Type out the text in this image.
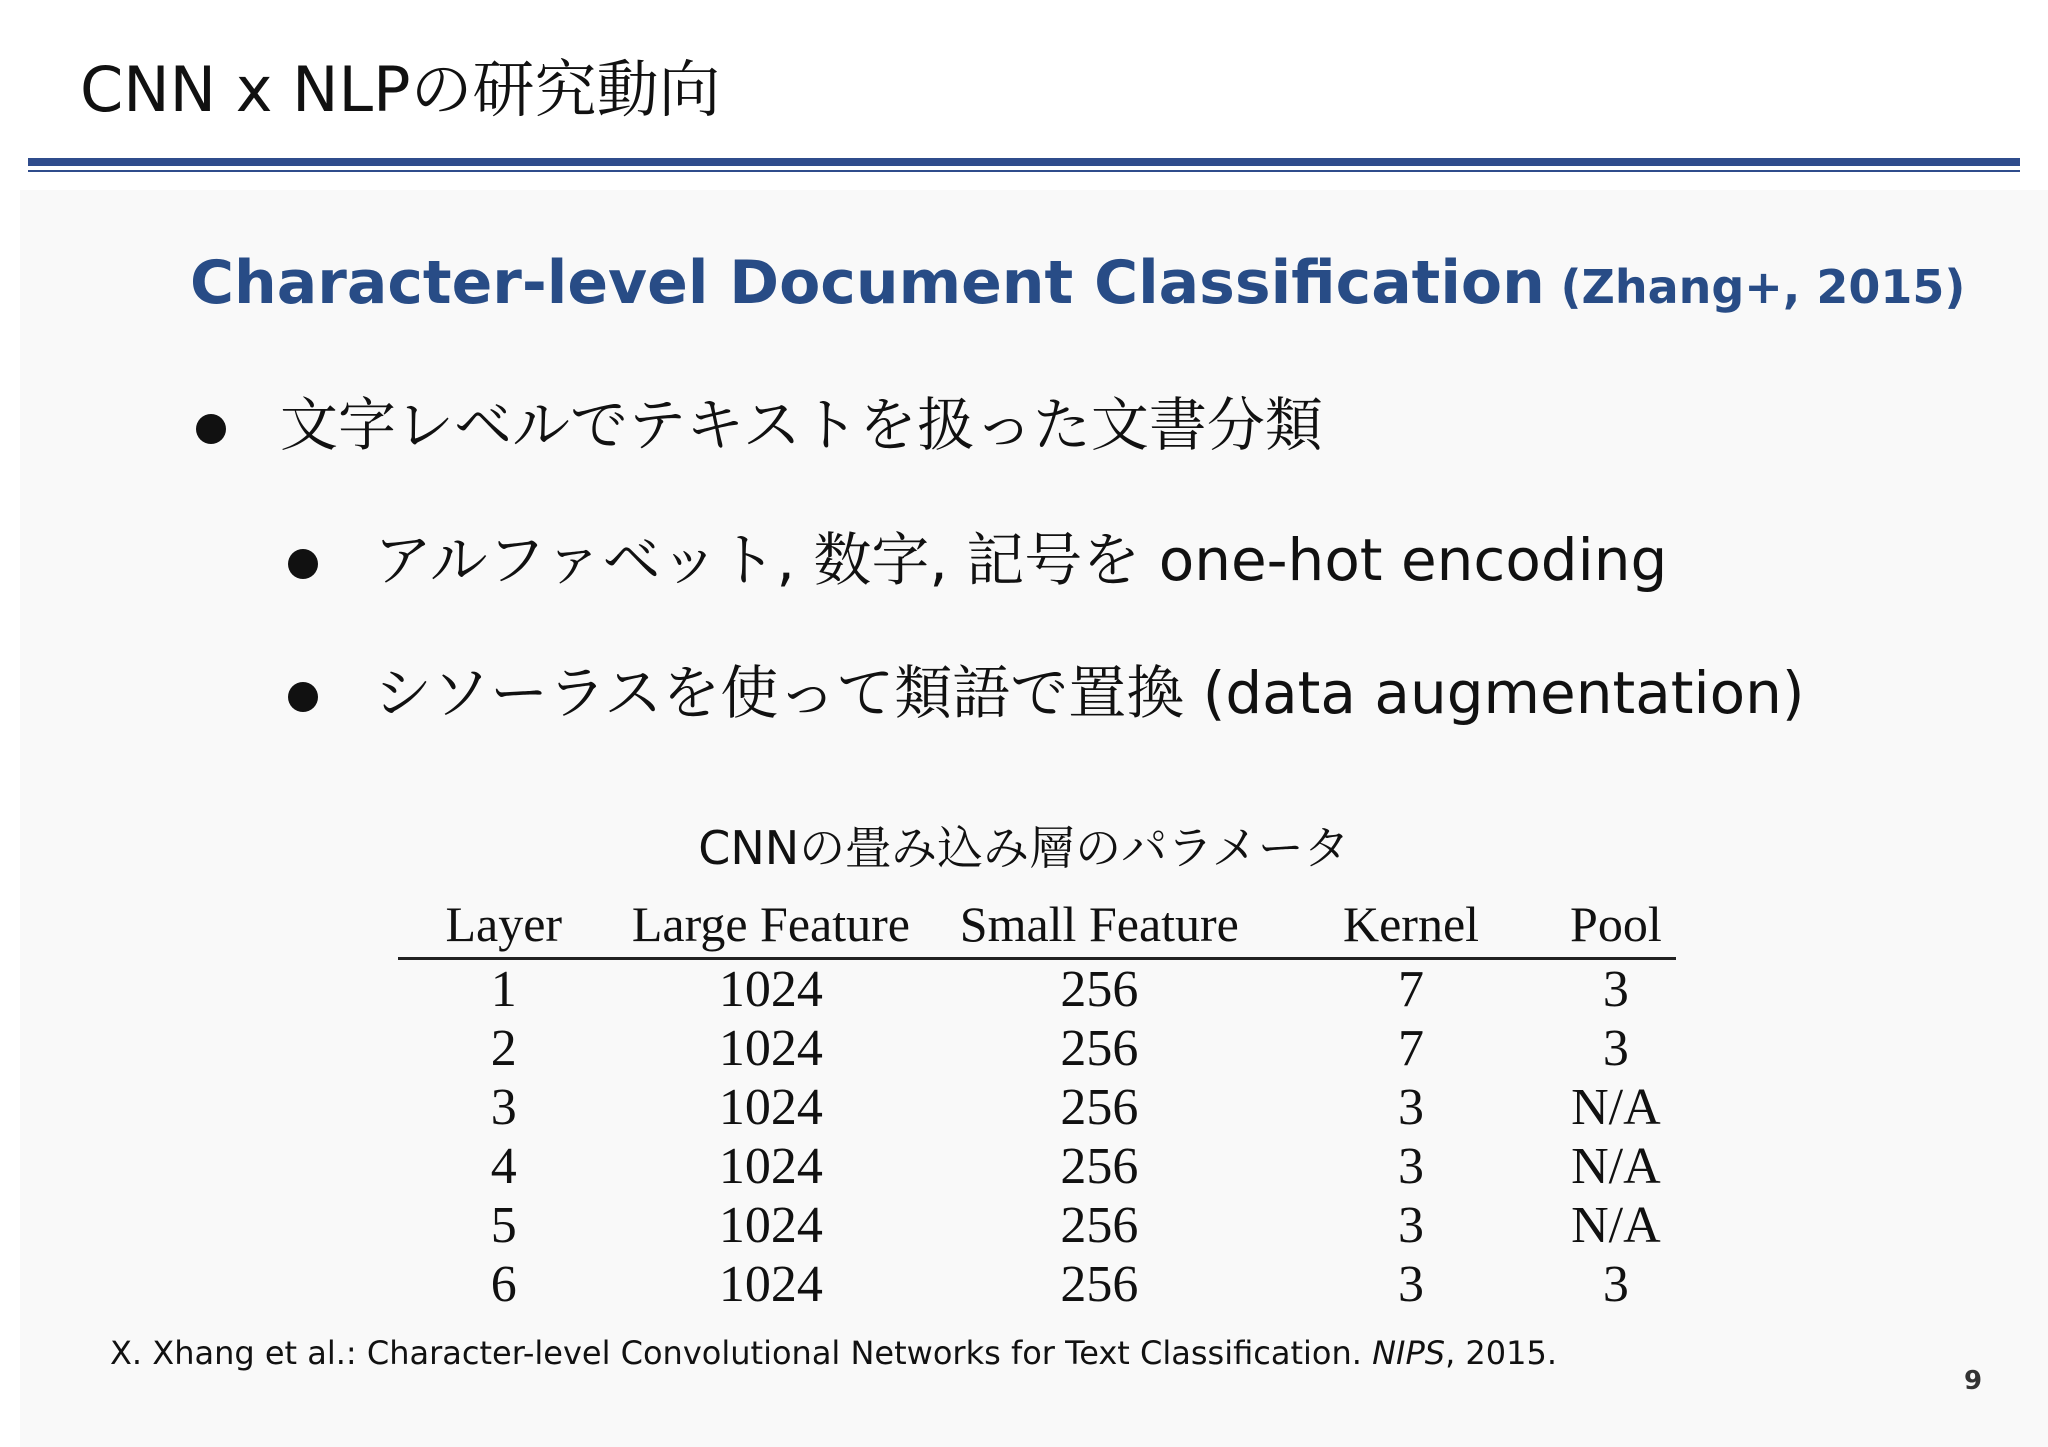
CNN x NLPの研究動向
Character-level Document Classification (Zhang+, 2015)
文字レベルでテキストを扱った文書分類
アルファベット, 数字, 記号を one-hot encoding
シソーラスを使って類語で置換 (data augmentation)
CNNの畳み込み層のパラメータ
Layer	Large Feature	Small Feature	Kernel	Pool
1	1024	256	7	3
2	1024	256	7	3
3	1024	256	3	N/A
4	1024	256	3	N/A
5	1024	256	3	N/A
6	1024	256	3	3
X. Xhang et al.: Character-level Convolutional Networks for Text Classification. NIPS, 2015.
9
